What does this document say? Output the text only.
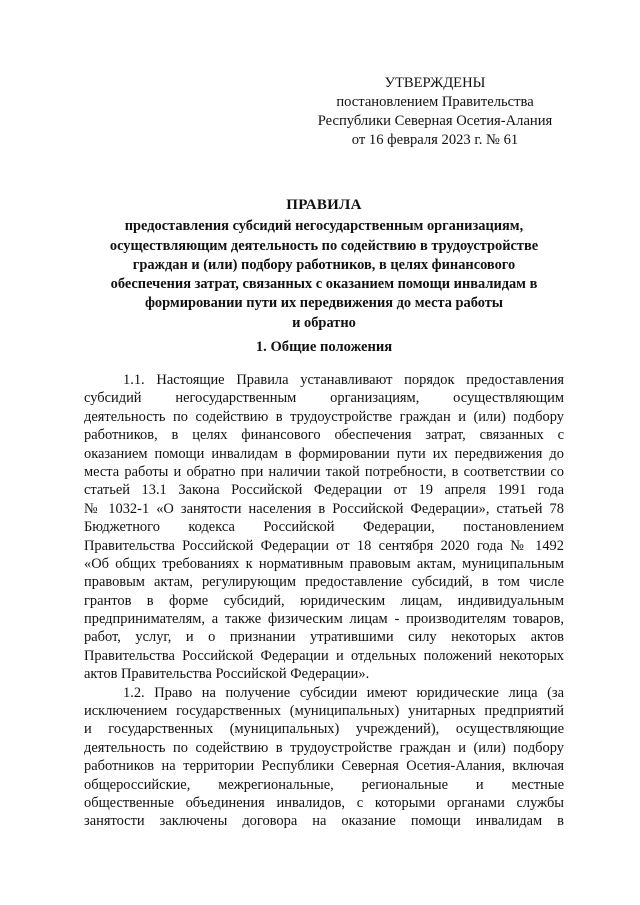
УТВЕРЖДЕНЫ
постановлением Правительства
Республики Северная Осетия-Алания
от 16 февраля 2023 г. № 61
ПРАВИЛА
предоставления субсидий негосударственным организациям,
осуществляющим деятельность по содействию в трудоустройстве
граждан и (или) подбору работников, в целях финансового
обеспечения затрат, связанных с оказанием помощи инвалидам в
формировании пути их передвижения до места работы
и обратно
1. Общие положения
1.1. Настоящие Правила устанавливают порядок предоставления
субсидий негосударственным организациям, осуществляющим
деятельность по содействию в трудоустройстве граждан и (или) подбору
работников, в целях финансового обеспечения затрат, связанных с
оказанием помощи инвалидам в формировании пути их передвижения до
места работы и обратно при наличии такой потребности, в соответствии со
статьей 13.1 Закона Российской Федерации от 19 апреля 1991 года
№ 1032-1 «О занятости населения в Российской Федерации», статьей 78
Бюджетного кодекса Российской Федерации, постановлением
Правительства Российской Федерации от 18 сентября 2020 года № 1492
«Об общих требованиях к нормативным правовым актам, муниципальным
правовым актам, регулирующим предоставление субсидий, в том числе
грантов в форме субсидий, юридическим лицам, индивидуальным
предпринимателям, а также физическим лицам - производителям товаров,
работ, услуг, и о признании утратившими силу некоторых актов
Правительства Российской Федерации и отдельных положений некоторых
актов Правительства Российской Федерации».
1.2. Право на получение субсидии имеют юридические лица (за
исключением государственных (муниципальных) унитарных предприятий
и государственных (муниципальных) учреждений), осуществляющие
деятельность по содействию в трудоустройстве граждан и (или) подбору
работников на территории Республики Северная Осетия-Алания, включая
общероссийские, межрегиональные, региональные и местные
общественные объединения инвалидов, с которыми органами службы
занятости заключены договора на оказание помощи инвалидам в
